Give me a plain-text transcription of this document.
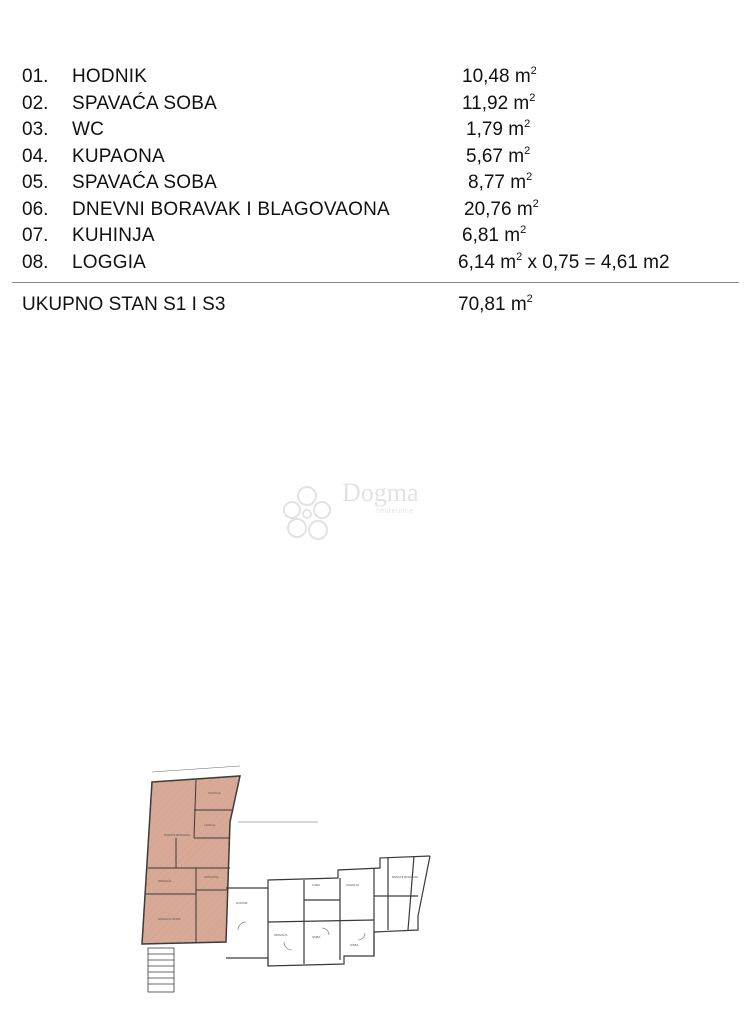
01. HODNIK	10,48 $m^2$
02. SPAVAĆA SOBA	11,92 $m^2$
03. WC	1,79 $m^2$
04. KUPAONA	5,67 $m^2$
05. SPAVAĆA SOBA	8,77 $m^2$
06. DNEVNI BORAVAK I BLAGOVAONA	20,76 $m^2$
07. KUHINJA	6,81 $m^2$
08. LOGGIA	6,14 $m^2$ x 0,75 = 4,61 m2
UKUPNO STAN S1 I S3	70,81 $m^2$
Dogma
nekretnine
DNEVNI BORAVAK
KUHINJA
LOGGIA
KUPAONA
SPAVAĆA
SPAVAĆA SOBA
HODNIK
SPAVAĆA
LOĐA
SOBA
KUHINJA
SOBA
DNEVNI BORAVAK
